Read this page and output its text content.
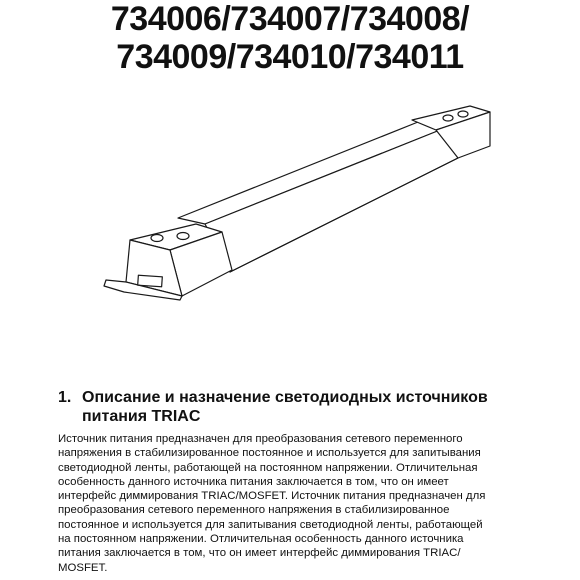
734006/734007/734008/
734009/734010/734011
1. Описание и назначение светодиодных источников
питания TRIAC

Источник питания предназначен для преобразования сетевого переменного
напряжения в стабилизированное постоянное и используется для запитывания
светодиодной ленты, работающей на постоянном напряжении. Отличительная
особенность данного источника питания заключается в том, что он имеет
интерфейс диммирования TRIAC/MOSFET. Источник питания предназначен для
преобразования сетевого переменного напряжения в стабилизированное
постоянное и используется для запитывания светодиодной ленты, работающей
на постоянном напряжении. Отличительная особенность данного источника
питания заключается в том, что он имеет интерфейс диммирования TRIAC/
MOSFET.
